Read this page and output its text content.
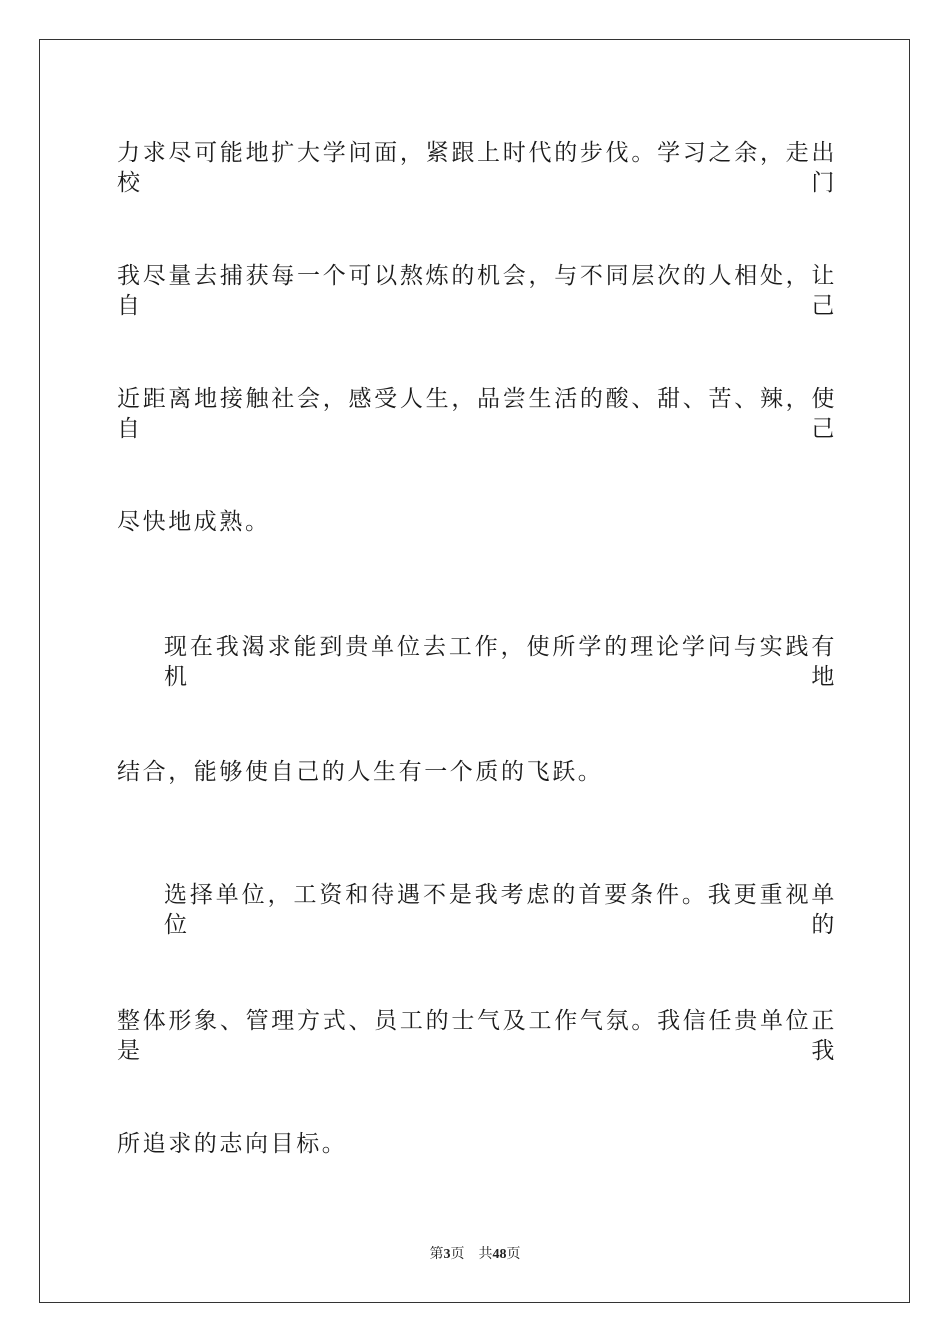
力求尽可能地扩大学问面，紧跟上时代的步伐。学习之余，走出校门
我尽量去捕获每一个可以熬炼的机会，与不同层次的人相处，让自己
近距离地接触社会，感受人生，品尝生活的酸、甜、苦、辣，使自己
尽快地成熟。
现在我渴求能到贵单位去工作，使所学的理论学问与实践有机地
结合，能够使自己的人生有一个质的飞跃。
选择单位，工资和待遇不是我考虑的首要条件。我更重视单位的
整体形象、管理方式、员工的士气及工作气氛。我信任贵单位正是我
所追求的志向目标。
第3页 共48页
